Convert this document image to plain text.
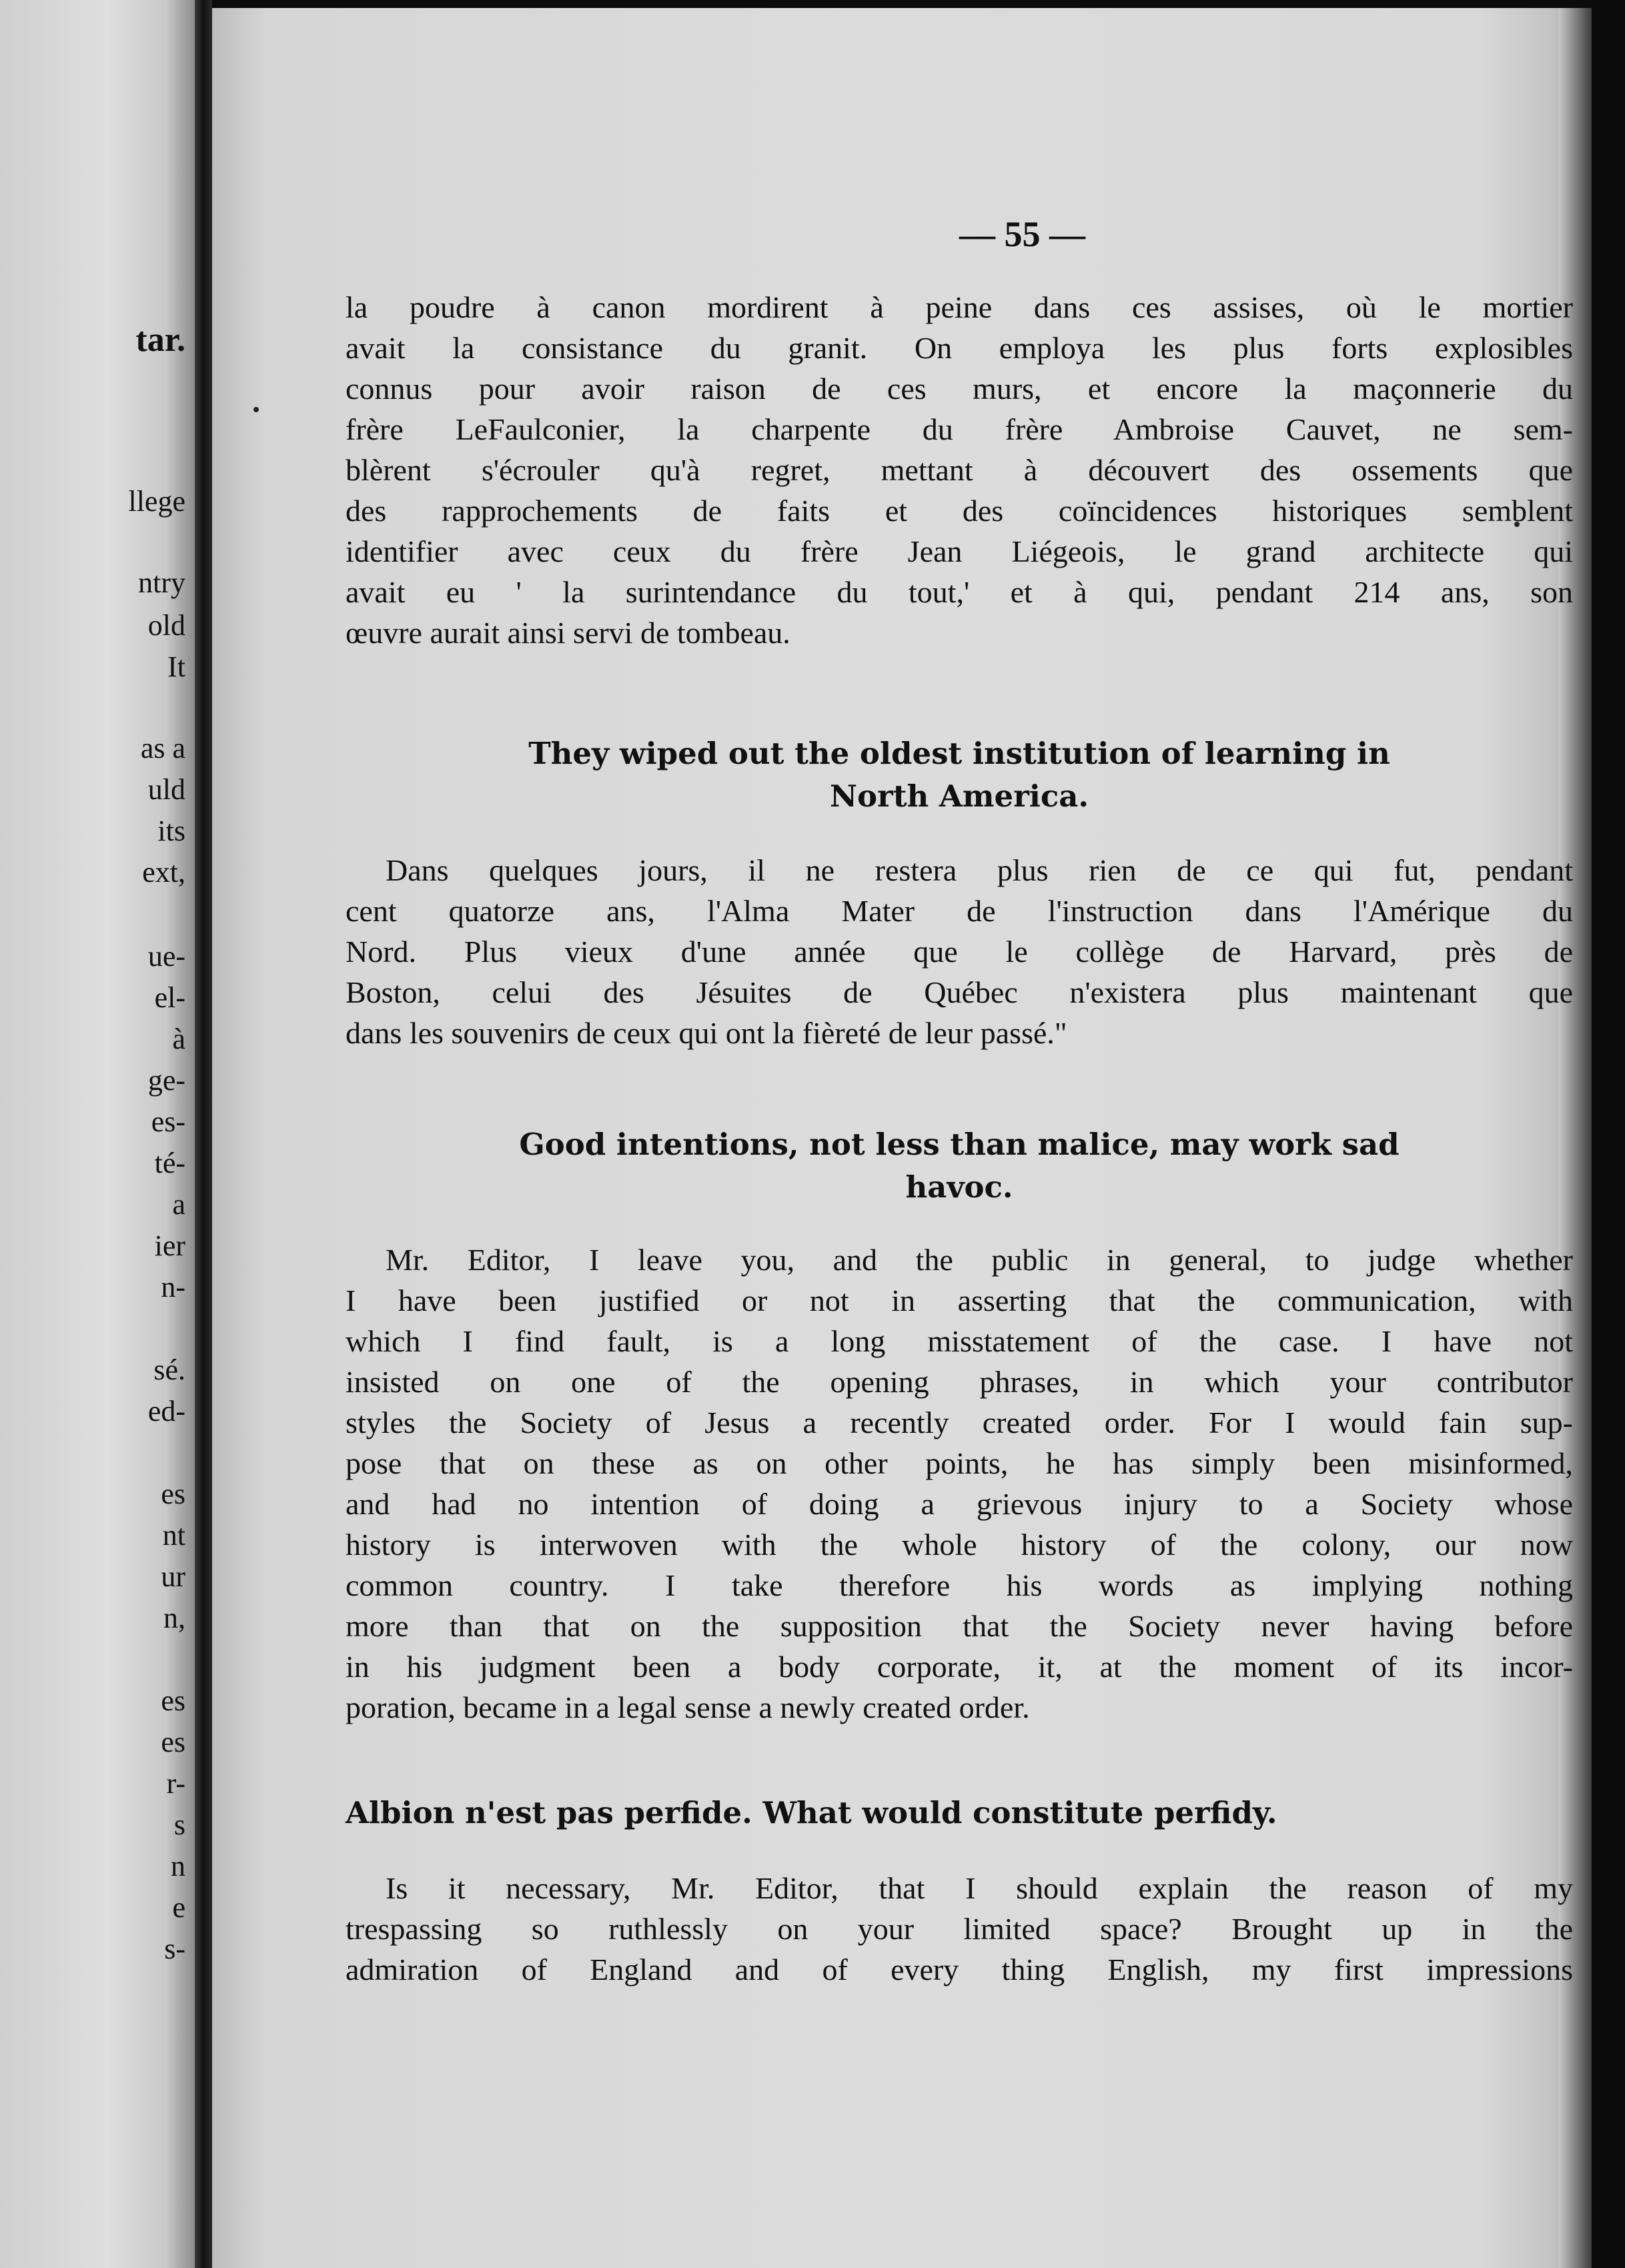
tar.
llege
ntry
old
It
as a
uld
its
ext,
ue-
el-
à
ge-
es-
té-
a
ier
n-
sé.
ed-
es
nt
ur
n,
es
es
r-
s
n
e
s-
— 55 —
la poudre à canon mordirent à peine dans ces assises, où le mortier
avait la consistance du granit. On employa les plus forts explosibles
connus pour avoir raison de ces murs, et encore la maçonnerie du
frère LeFaulconier, la charpente du frère Ambroise Cauvet, ne sem-
blèrent s'écrouler qu'à regret, mettant à découvert des ossements que
des rapprochements de faits et des coïncidences historiques semblent
identifier avec ceux du frère Jean Liégeois, le grand architecte qui
avait eu ' la surintendance du tout,' et à qui, pendant 214 ans, son
œuvre aurait ainsi servi de tombeau.
They wiped out the oldest institution of learning in
North America.
Dans quelques jours, il ne restera plus rien de ce qui fut, pendant
cent quatorze ans, l'Alma Mater de l'instruction dans l'Amérique du
Nord. Plus vieux d'une année que le collège de Harvard, près de
Boston, celui des Jésuites de Québec n'existera plus maintenant que
dans les souvenirs de ceux qui ont la fièreté de leur passé."
Good intentions, not less than malice, may work sad
havoc.
Mr. Editor, I leave you, and the public in general, to judge whether
I have been justified or not in asserting that the communication, with
which I find fault, is a long misstatement of the case. I have not
insisted on one of the opening phrases, in which your contributor
styles the Society of Jesus a recently created order. For I would fain sup-
pose that on these as on other points, he has simply been misinformed,
and had no intention of doing a grievous injury to a Society whose
history is interwoven with the whole history of the colony, our now
common country. I take therefore his words as implying nothing
more than that on the supposition that the Society never having before
in his judgment been a body corporate, it, at the moment of its incor-
poration, became in a legal sense a newly created order.
Albion n'est pas perfide. What would constitute perfidy.
Is it necessary, Mr. Editor, that I should explain the reason of my
trespassing so ruthlessly on your limited space? Brought up in the
admiration of England and of every thing English, my first impressions
